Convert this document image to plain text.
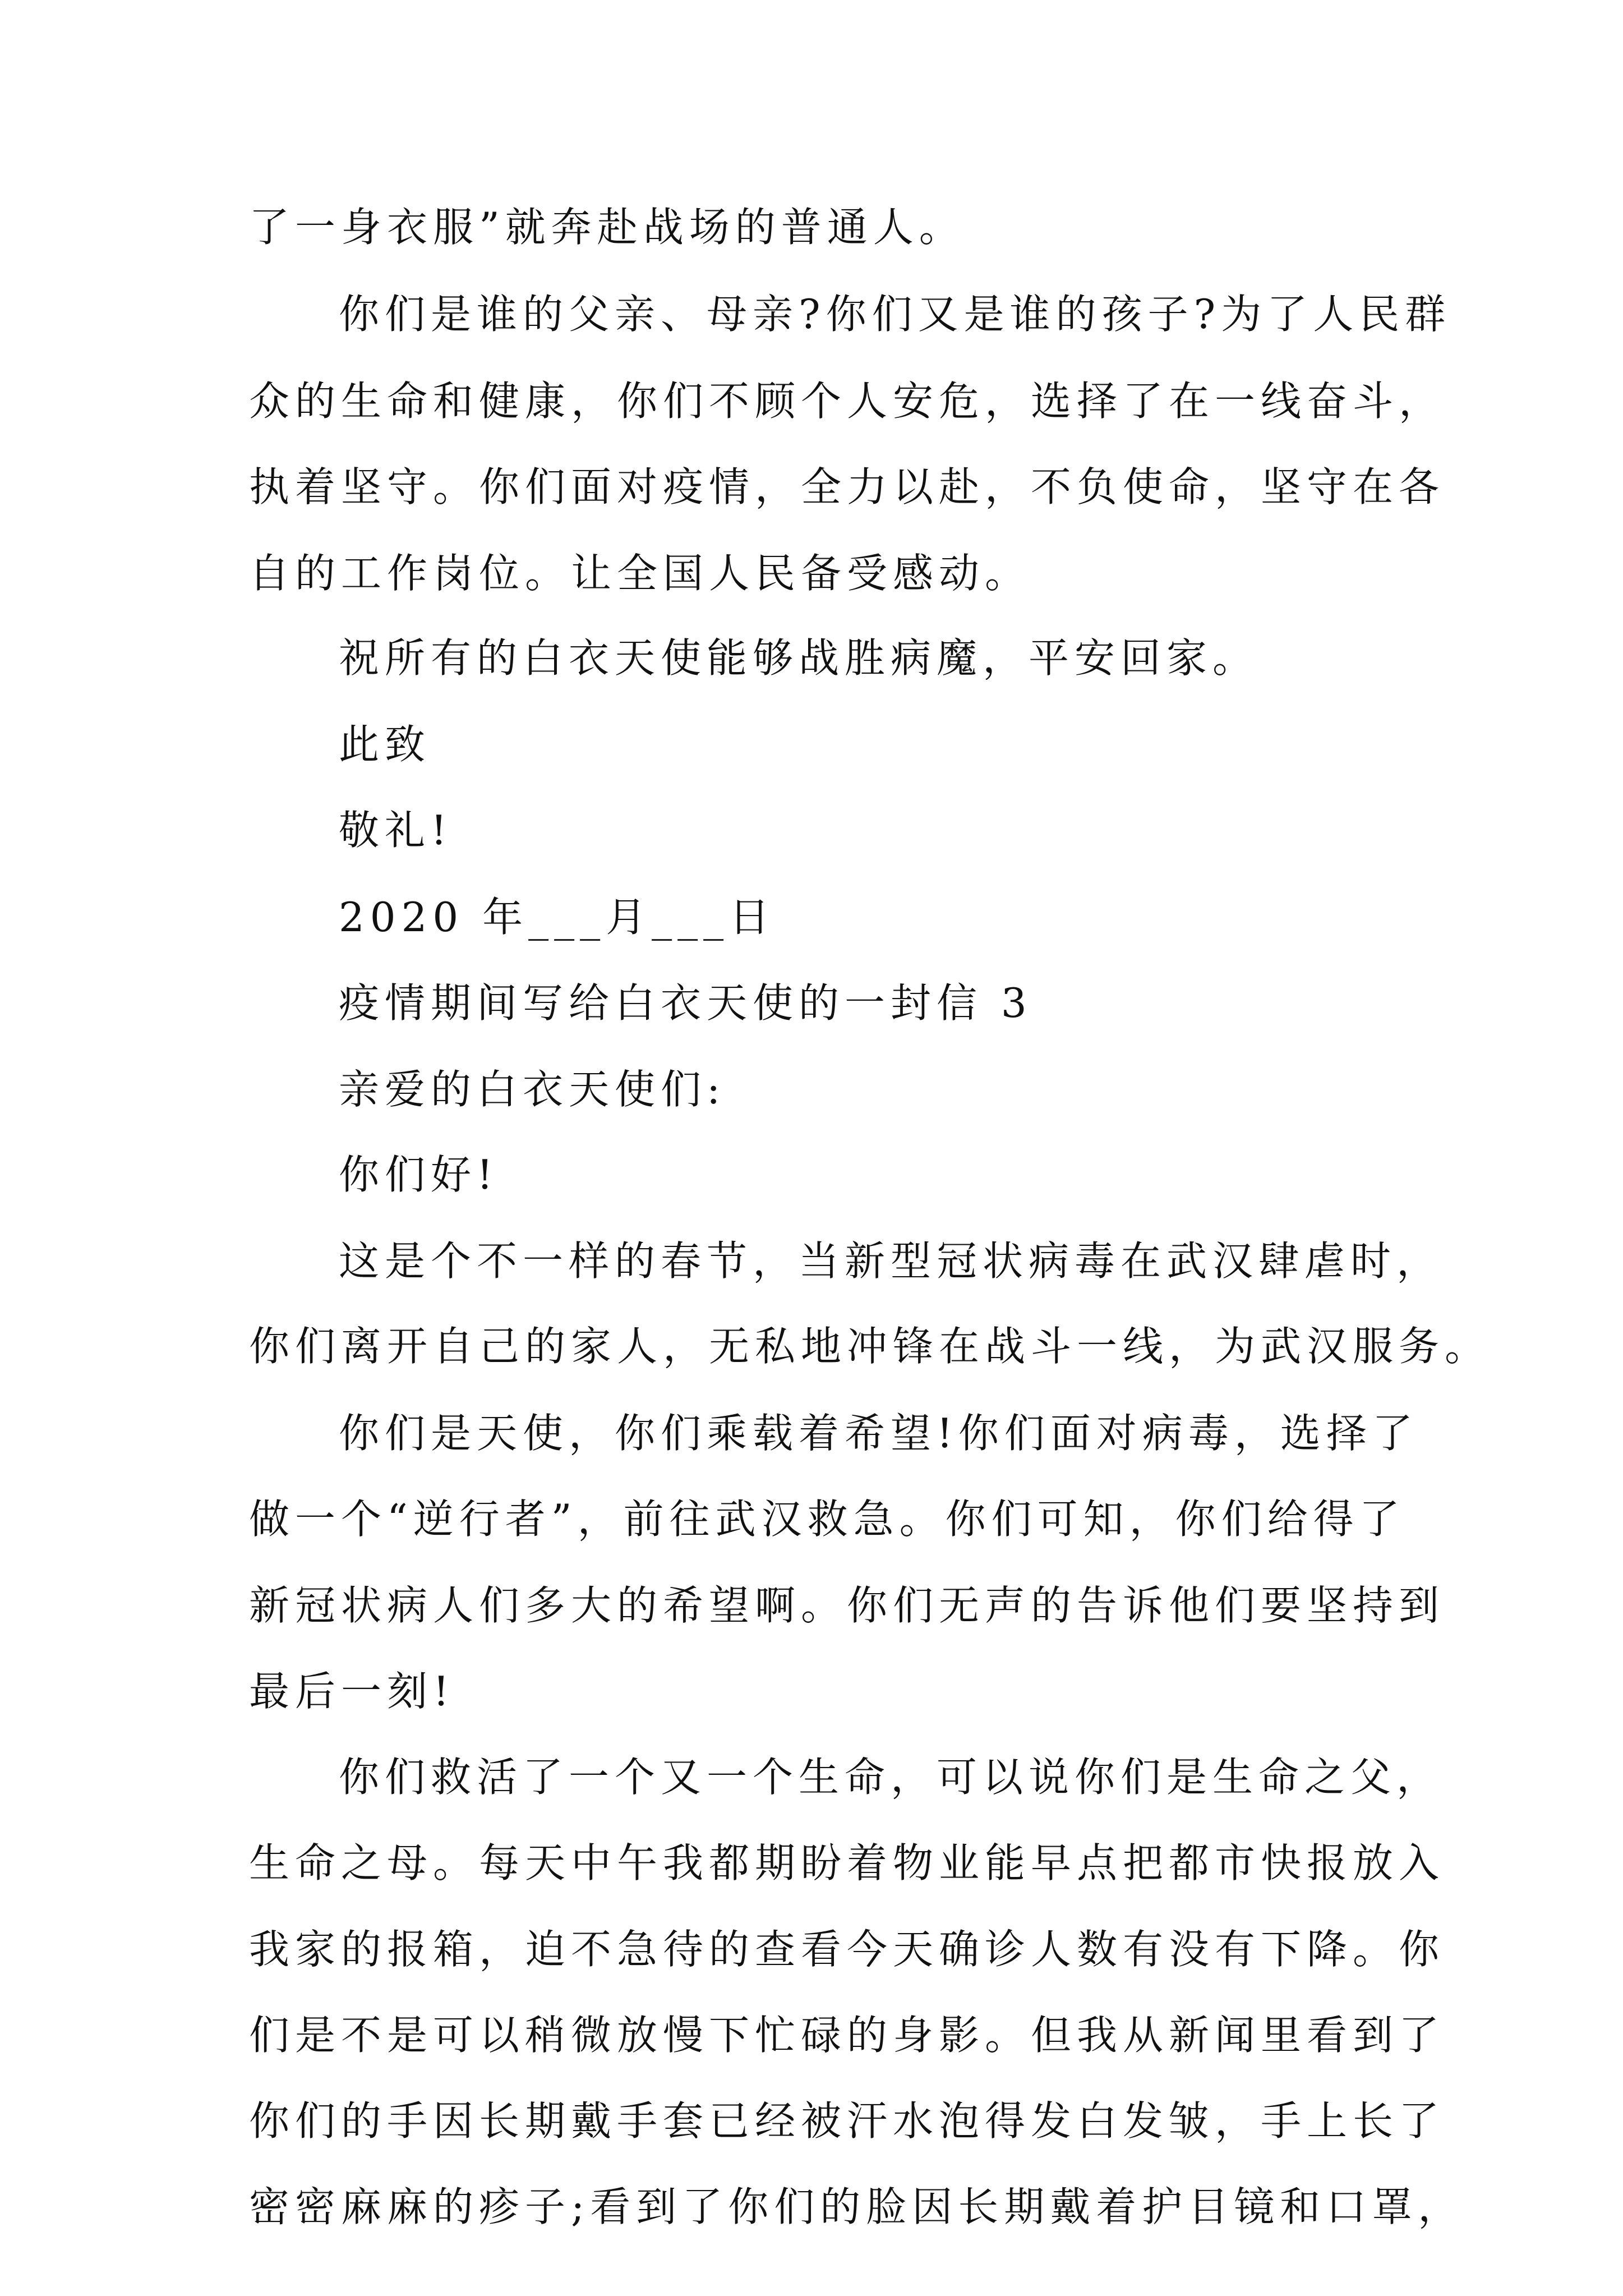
了一身衣服”就奔赴战场的普通人。
你们是谁的父亲、母亲?你们又是谁的孩子?为了人民群
众的生命和健康，你们不顾个人安危，选择了在一线奋斗，
执着坚守。你们面对疫情，全力以赴，不负使命，坚守在各
自的工作岗位。让全国人民备受感动。
祝所有的白衣天使能够战胜病魔，平安回家。
此致
敬礼!
2020 年___月___日
疫情期间写给白衣天使的一封信 3
亲爱的白衣天使们:
你们好!
这是个不一样的春节，当新型冠状病毒在武汉肆虐时，
你们离开自己的家人，无私地冲锋在战斗一线，为武汉服务。
你们是天使，你们乘载着希望!你们面对病毒，选择了
做一个“逆行者”，前往武汉救急。你们可知，你们给得了
新冠状病人们多大的希望啊。你们无声的告诉他们要坚持到
最后一刻!
你们救活了一个又一个生命，可以说你们是生命之父，
生命之母。每天中午我都期盼着物业能早点把都市快报放入
我家的报箱，迫不急待的查看今天确诊人数有没有下降。你
们是不是可以稍微放慢下忙碌的身影。但我从新闻里看到了
你们的手因长期戴手套已经被汗水泡得发白发皱，手上长了
密密麻麻的疹子;看到了你们的脸因长期戴着护目镜和口罩，
